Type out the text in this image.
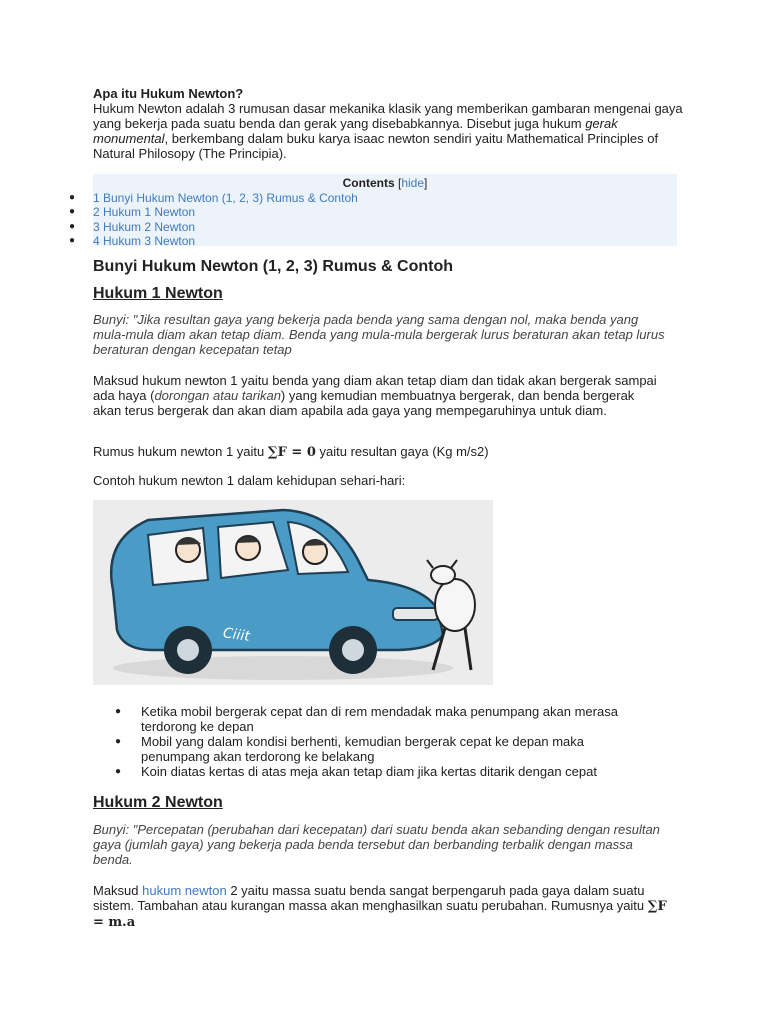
Apa itu Hukum Newton?

Hukum Newton adalah 3 rumusan dasar mekanika klasik yang memberikan gambaran mengenai gaya yang bekerja pada suatu benda dan gerak yang disebabkannya. Disebut juga hukum gerak monumental, berkembang dalam buku karya isaac newton sendiri yaitu Mathematical Principles of Natural Philosopy (The Principia).

Contents [hide]
● 1 Bunyi Hukum Newton (1, 2, 3) Rumus & Contoh
● 2 Hukum 1 Newton
● 3 Hukum 2 Newton
● 4 Hukum 3 Newton
Bunyi Hukum Newton (1, 2, 3) Rumus & Contoh
Hukum 1 Newton

Bunyi: "Jika resultan gaya yang bekerja pada benda yang sama dengan nol, maka benda yang mula-mula diam akan tetap diam. Benda yang mula-mula bergerak lurus beraturan akan tetap lurus beraturan dengan kecepatan tetap

Maksud hukum newton 1 yaitu benda yang diam akan tetap diam dan tidak akan bergerak sampai ada haya (dorongan atau tarikan) yang kemudian membuatnya bergerak, dan benda bergerak akan terus bergerak dan akan diam apabila ada gaya yang mempegaruhinya untuk diam.

Rumus hukum newton 1 yaitu ∑F = 0 yaitu resultan gaya (Kg m/s2)

Contoh hukum newton 1 dalam kehidupan sehari-hari:

Ciiit
● Ketika mobil bergerak cepat dan di rem mendadak maka penumpang akan merasa terdorong ke depan
● Mobil yang dalam kondisi berhenti, kemudian bergerak cepat ke depan maka penumpang akan terdorong ke belakang
● Koin diatas kertas di atas meja akan tetap diam jika kertas ditarik dengan cepat
Hukum 2 Newton

Bunyi: "Percepatan (perubahan dari kecepatan) dari suatu benda akan sebanding dengan resultan gaya (jumlah gaya) yang bekerja pada benda tersebut dan berbanding terbalik dengan massa benda.

Maksud hukum newton 2 yaitu massa suatu benda sangat berpengaruh pada gaya dalam suatu sistem. Tambahan atau kurangan massa akan menghasilkan suatu perubahan. Rumusnya yaitu ∑F = m.a
